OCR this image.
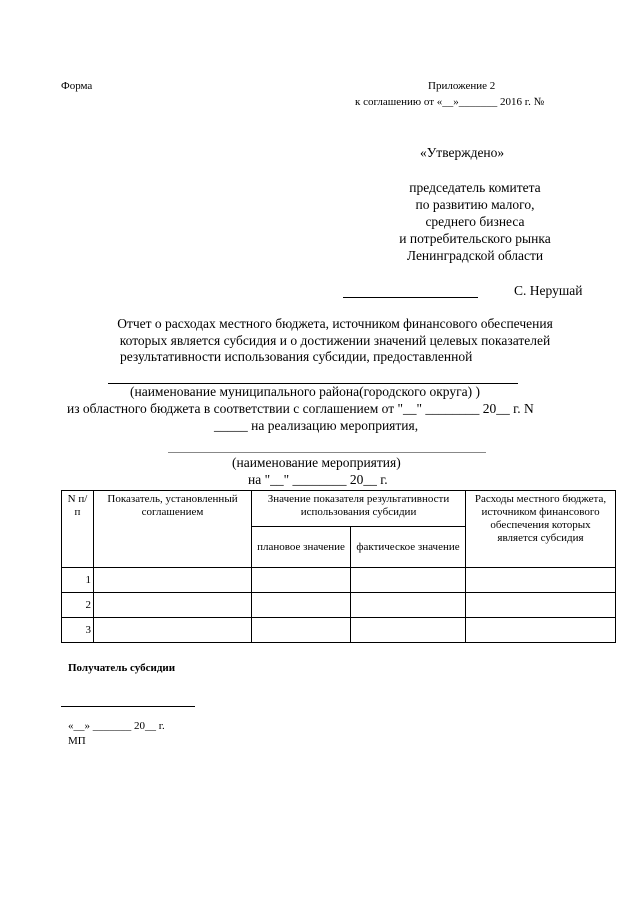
Форма	Приложение 2
к соглашению от «__»_______ 2016 г. №
«Утверждено»
председатель комитета
по развитию малого,
среднего бизнеса
и потребительского рынка
Ленинградской области
С. Нерушай
Отчет о расходах местного бюджета, источником финансового обеспечения
которых является субсидия и о достижении значений целевых показателей
результативности использования субсидии, предоставленной
(наименование муниципального района(городского округа) )
из областного бюджета в соответствии с соглашением от "__" ________ 20__ г. N
_____ на реализацию мероприятия,
(наименование мероприятия)
на "__" ________ 20__ г.
N п/п	Показатель, установленный соглашением	Значение показателя результативности использования субсидии		Расходы местного бюджета, источником финансового обеспечения которых является субсидия
		плановое значение	фактическое значение	
1				
2				
3				
Получатель субсидии
«__» _______ 20__ г.
МП
